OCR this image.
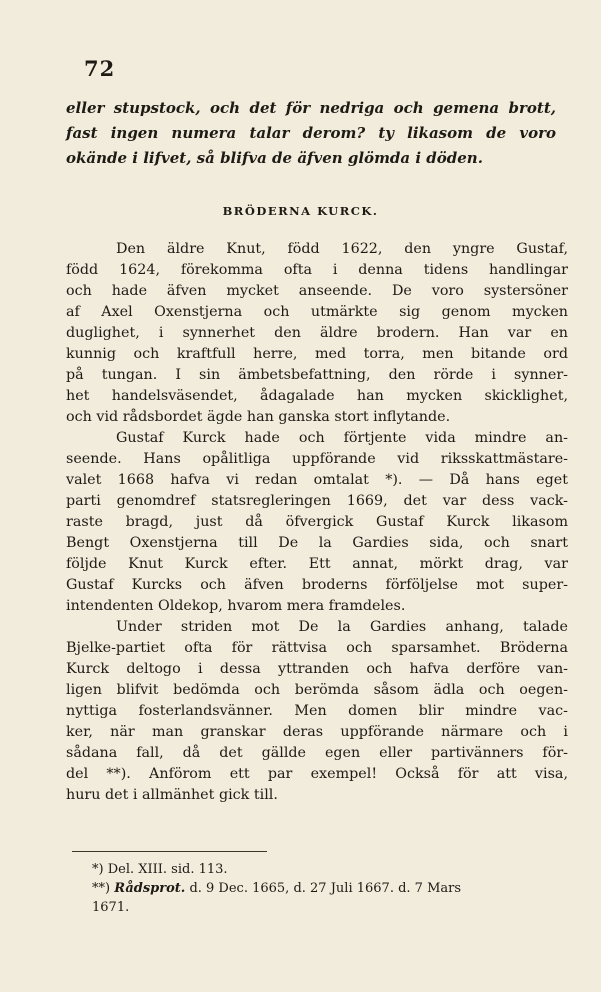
72
eller stupstock, och det för nedriga och gemena brott,
fast ingen numera talar derom? ty likasom de voro
okände i lifvet, så blifva de äfven glömda i döden.
BRÖDERNA KURCK.
Den äldre Knut, född 1622, den yngre Gustaf,
född 1624, förekomma ofta i denna tidens handlingar
och hade äfven mycket anseende. De voro systersöner
af Axel Oxenstjerna och utmärkte sig genom mycken
duglighet, i synnerhet den äldre brodern. Han var en
kunnig och kraftfull herre, med torra, men bitande ord
på tungan. I sin ämbetsbefattning, den rörde i synner-
het handelsväsendet, ådagalade han mycken skicklighet,
och vid rådsbordet ägde han ganska stort inflytande.
Gustaf Kurck hade och förtjente vida mindre an-
seende. Hans opålitliga uppförande vid riksskattmästare-
valet 1668 hafva vi redan omtalat *). — Då hans eget
parti genomdref statsregleringen 1669, det var dess vack-
raste bragd, just då öfvergick Gustaf Kurck likasom
Bengt Oxenstjerna till De la Gardies sida, och snart
följde Knut Kurck efter. Ett annat, mörkt drag, var
Gustaf Kurcks och äfven broderns förföljelse mot super-
intendenten Oldekop, hvarom mera framdeles.
Under striden mot De la Gardies anhang, talade
Bjelke-partiet ofta för rättvisa och sparsamhet. Bröderna
Kurck deltogo i dessa yttranden och hafva derföre van-
ligen blifvit bedömda och berömda såsom ädla och oegen-
nyttiga fosterlandsvänner. Men domen blir mindre vac-
ker, när man granskar deras uppförande närmare och i
sådana fall, då det gällde egen eller partivänners för-
del **). Anförom ett par exempel! Också för att visa,
huru det i allmänhet gick till.
*) Del. XIII. sid. 113.
**) Rådsprot. d. 9 Dec. 1665, d. 27 Juli 1667. d. 7 Mars
1671.
